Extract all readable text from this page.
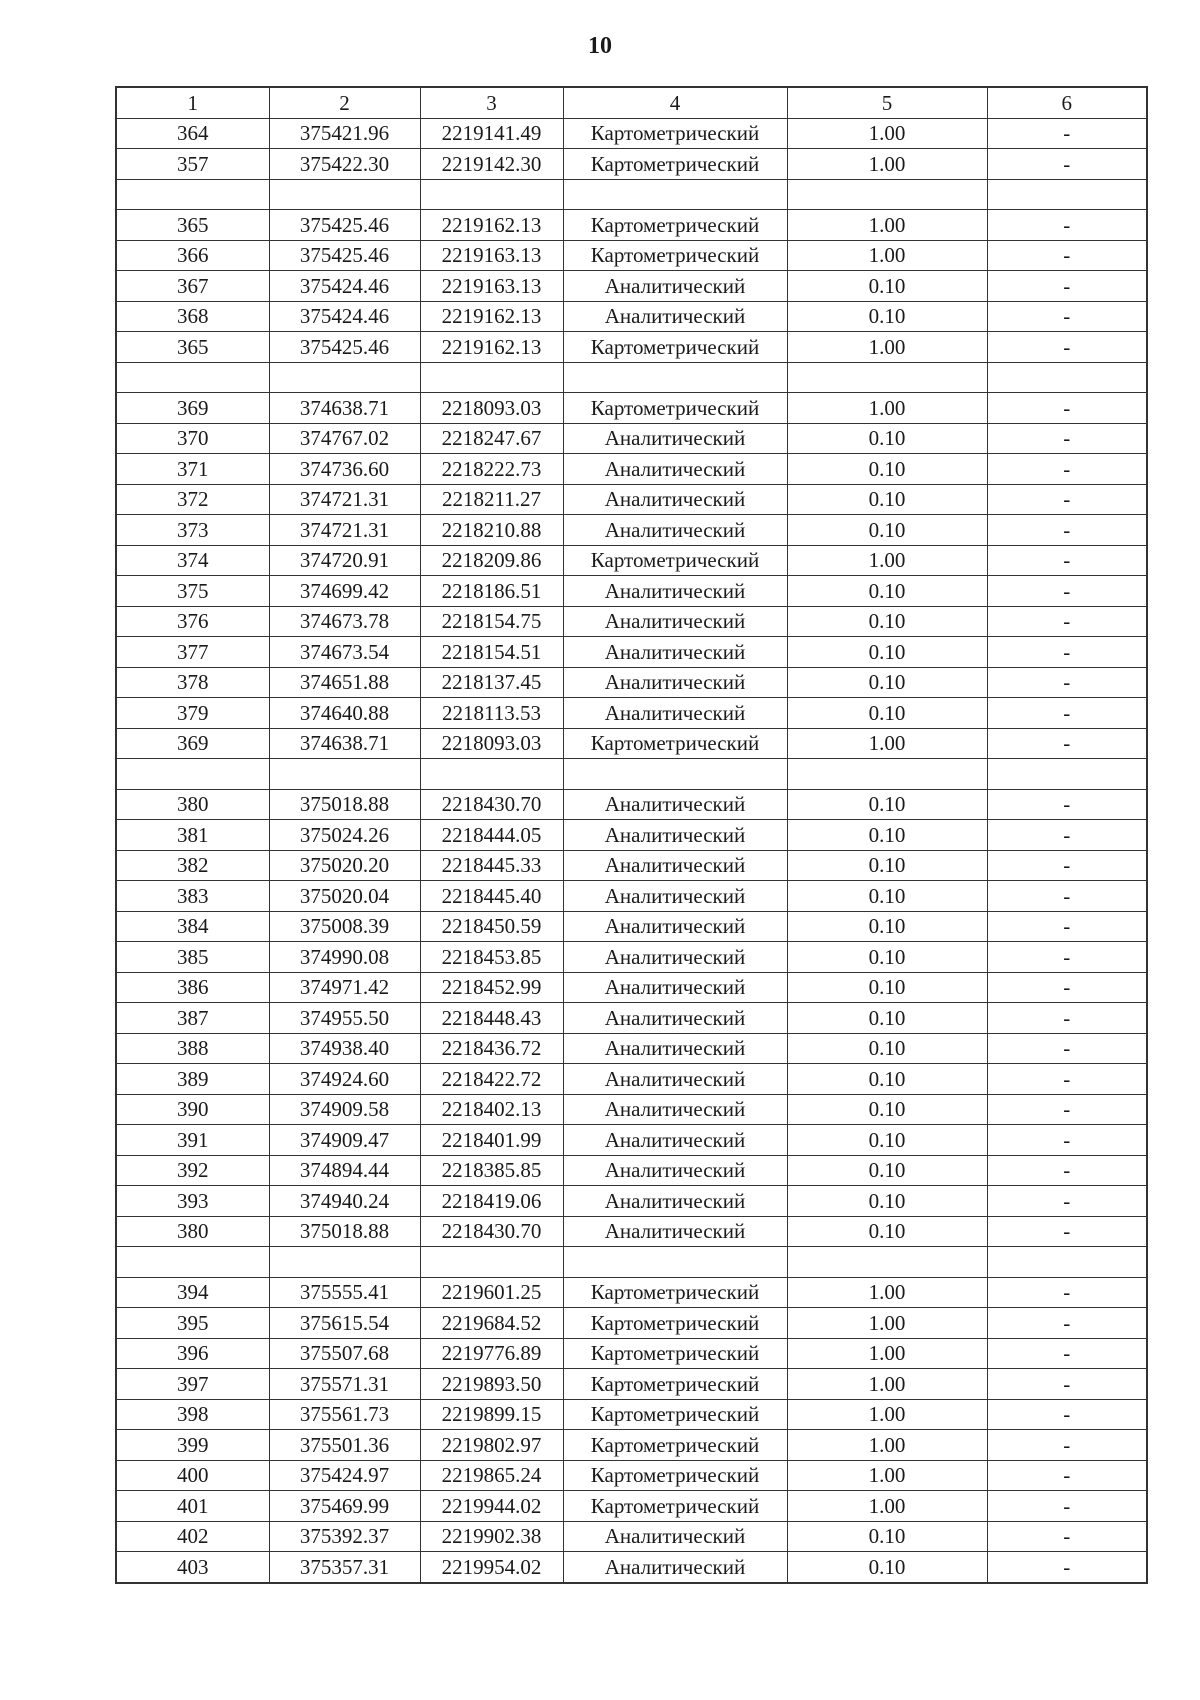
10
1	2	3	4	5	6
364	375421.96	2219141.49	Картометрический	1.00	-
357	375422.30	2219142.30	Картометрический	1.00	-

365	375425.46	2219162.13	Картометрический	1.00	-
366	375425.46	2219163.13	Картометрический	1.00	-
367	375424.46	2219163.13	Аналитический	0.10	-
368	375424.46	2219162.13	Аналитический	0.10	-
365	375425.46	2219162.13	Картометрический	1.00	-

369	374638.71	2218093.03	Картометрический	1.00	-
370	374767.02	2218247.67	Аналитический	0.10	-
371	374736.60	2218222.73	Аналитический	0.10	-
372	374721.31	2218211.27	Аналитический	0.10	-
373	374721.31	2218210.88	Аналитический	0.10	-
374	374720.91	2218209.86	Картометрический	1.00	-
375	374699.42	2218186.51	Аналитический	0.10	-
376	374673.78	2218154.75	Аналитический	0.10	-
377	374673.54	2218154.51	Аналитический	0.10	-
378	374651.88	2218137.45	Аналитический	0.10	-
379	374640.88	2218113.53	Аналитический	0.10	-
369	374638.71	2218093.03	Картометрический	1.00	-

380	375018.88	2218430.70	Аналитический	0.10	-
381	375024.26	2218444.05	Аналитический	0.10	-
382	375020.20	2218445.33	Аналитический	0.10	-
383	375020.04	2218445.40	Аналитический	0.10	-
384	375008.39	2218450.59	Аналитический	0.10	-
385	374990.08	2218453.85	Аналитический	0.10	-
386	374971.42	2218452.99	Аналитический	0.10	-
387	374955.50	2218448.43	Аналитический	0.10	-
388	374938.40	2218436.72	Аналитический	0.10	-
389	374924.60	2218422.72	Аналитический	0.10	-
390	374909.58	2218402.13	Аналитический	0.10	-
391	374909.47	2218401.99	Аналитический	0.10	-
392	374894.44	2218385.85	Аналитический	0.10	-
393	374940.24	2218419.06	Аналитический	0.10	-
380	375018.88	2218430.70	Аналитический	0.10	-

394	375555.41	2219601.25	Картометрический	1.00	-
395	375615.54	2219684.52	Картометрический	1.00	-
396	375507.68	2219776.89	Картометрический	1.00	-
397	375571.31	2219893.50	Картометрический	1.00	-
398	375561.73	2219899.15	Картометрический	1.00	-
399	375501.36	2219802.97	Картометрический	1.00	-
400	375424.97	2219865.24	Картометрический	1.00	-
401	375469.99	2219944.02	Картометрический	1.00	-
402	375392.37	2219902.38	Аналитический	0.10	-
403	375357.31	2219954.02	Аналитический	0.10	-
